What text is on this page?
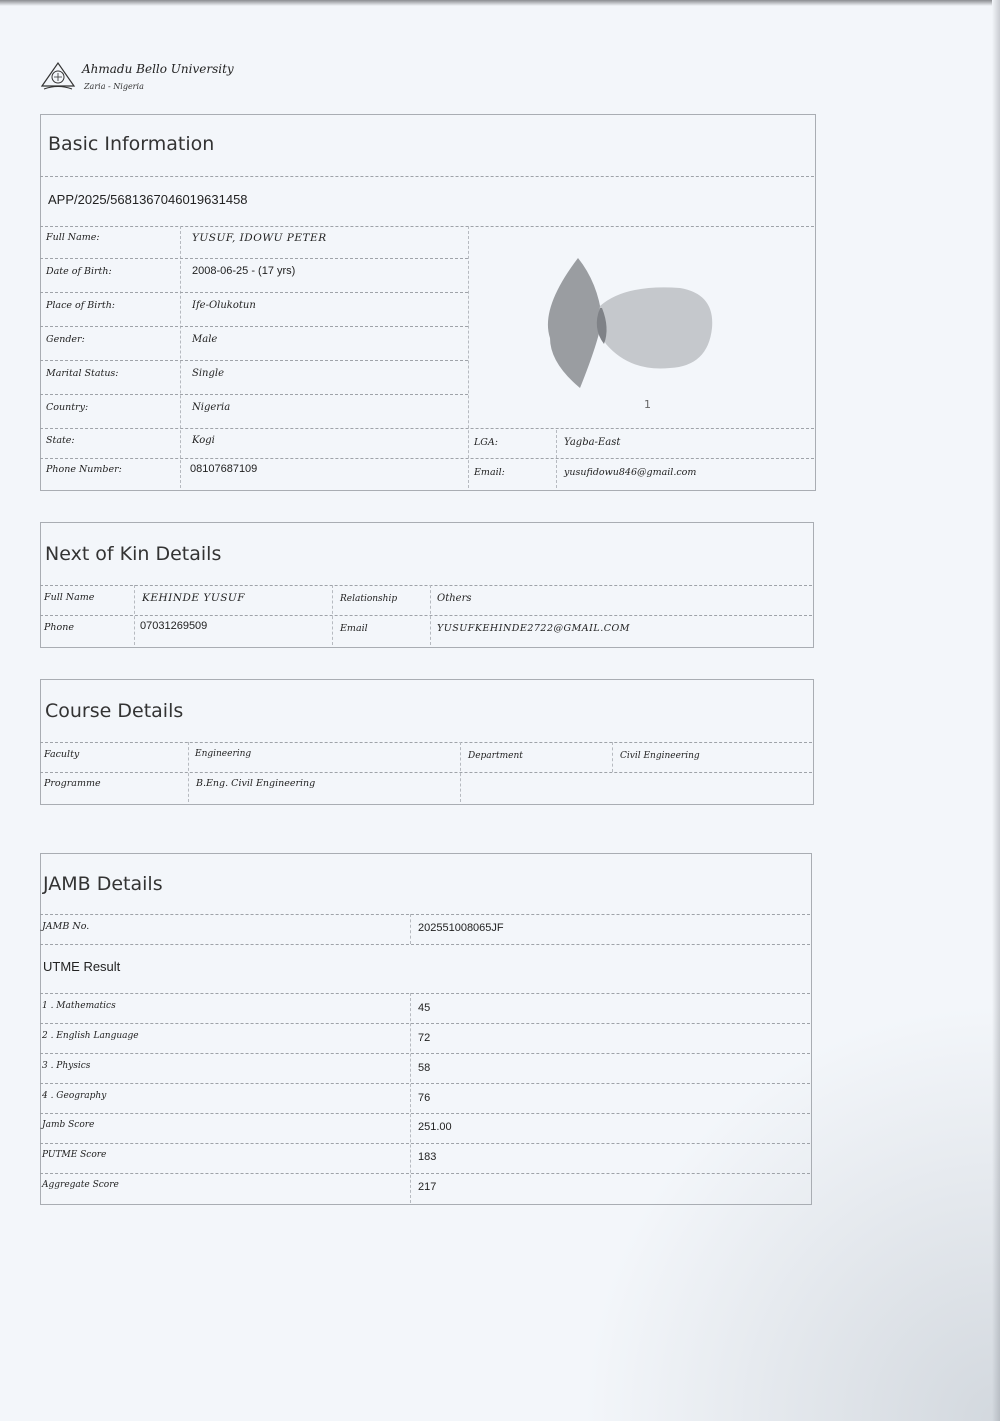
Ahmadu Bello University
Zaria - Nigeria
Basic Information
APP/2025/5681367046019631458
Full Name:	YUSUF, IDOWU PETER
Date of Birth:	2008-06-25 - (17 yrs)
Place of Birth:	Ife-Olukotun
Gender:	Male
Marital Status:	Single
Country:	Nigeria
State:	Kogi
Phone Number:	08107687109
LGA:	Yagba-East
Email:	yusufidowu846@gmail.com
1
Next of Kin Details
Full Name	KEHINDE YUSUF	Relationship	Others
Phone	07031269509	Email	YUSUFKEHINDE2722@GMAIL.COM
Course Details
Faculty	Engineering	Department	Civil Engineering
Programme	B.Eng. Civil Engineering
JAMB Details
JAMB No.	202551008065JF
UTME Result
1 . Mathematics	45
2 . English Language	72
3 . Physics	58
4 . Geography	76
Jamb Score	251.00
PUTME Score	183
Aggregate Score	217
